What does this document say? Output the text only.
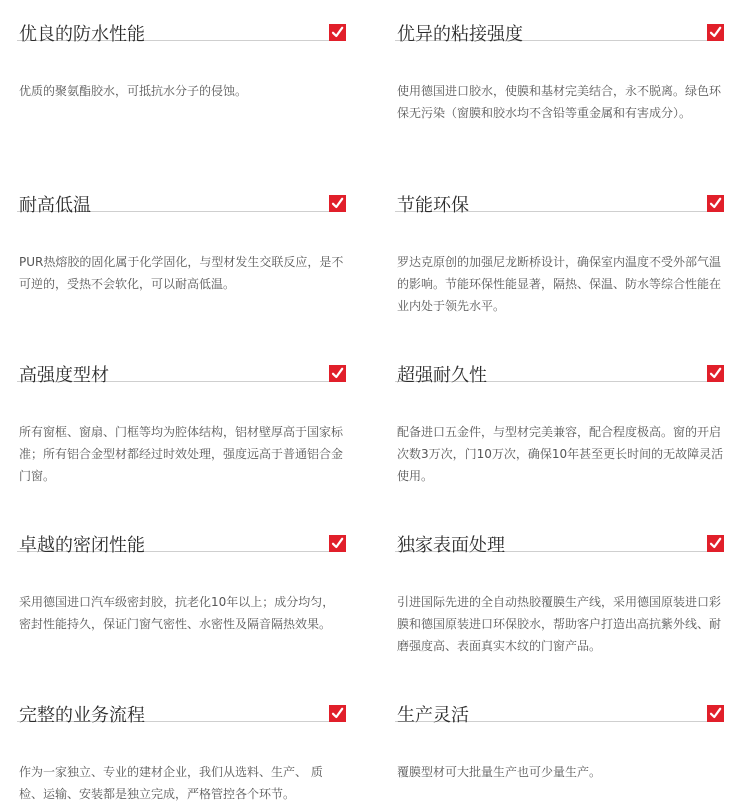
优良的防水性能

优质的聚氨酯胶水，可抵抗水分子的侵蚀。

优异的粘接强度

使用德国进口胶水，使膜和基材完美结合，永不脱离。绿色环保无污染（窗膜和胶水均不含铅等重金属和有害成分）。

耐高低温

PUR热熔胶的固化属于化学固化，与型材发生交联反应，是不可逆的，受热不会软化，可以耐高低温。

节能环保

罗达克原创的加强尼龙断桥设计，确保室内温度不受外部气温的影响。节能环保性能显著，隔热、保温、防水等综合性能在业内处于领先水平。

高强度型材

所有窗框、窗扇、门框等均为腔体结构，铝材壁厚高于国家标准；所有铝合金型材都经过时效处理，强度远高于普通铝合金门窗。

超强耐久性

配备进口五金件，与型材完美兼容，配合程度极高。窗的开启次数3万次，门10万次，确保10年甚至更长时间的无故障灵活使用。

卓越的密闭性能

采用德国进口汽车级密封胶，抗老化10年以上；成分均匀，密封性能持久，保证门窗气密性、水密性及隔音隔热效果。

独家表面处理

引进国际先进的全自动热胶覆膜生产线，采用德国原装进口彩膜和德国原装进口环保胶水，帮助客户打造出高抗紫外线、耐磨强度高、表面真实木纹的门窗产品。

完整的业务流程

作为一家独立、专业的建材企业，我们从选料、生产、 质检、运输、安装都是独立完成，严格管控各个环节。

生产灵活

覆膜型材可大批量生产也可少量生产。
